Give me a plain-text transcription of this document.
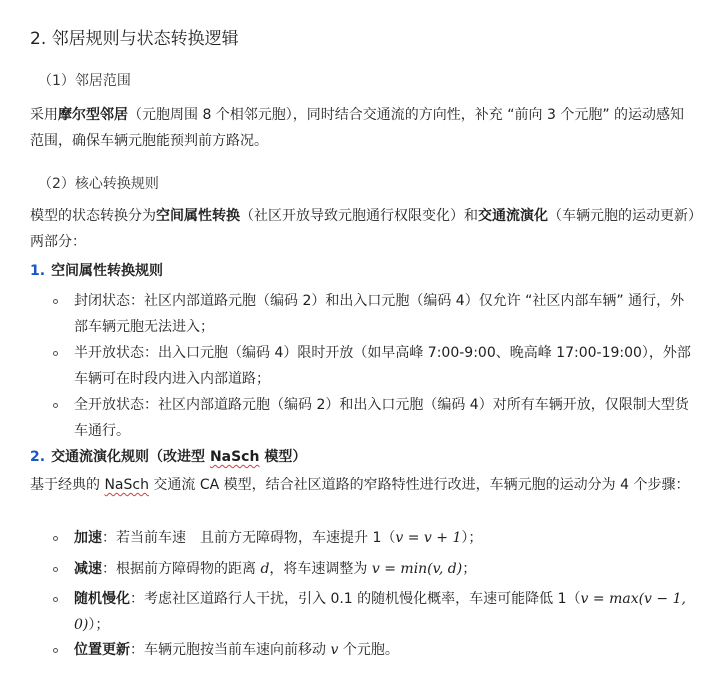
2. 邻居规则与状态转换逻辑
（1）邻居范围
采用摩尔型邻居（元胞周围 8 个相邻元胞），同时结合交通流的方向性，补充 “前向 3 个元胞” 的运动感知范围，确保车辆元胞能预判前方路况。
（2）核心转换规则
模型的状态转换分为空间属性转换（社区开放导致元胞通行权限变化）和交通流演化（车辆元胞的运动更新）两部分：
1. 空间属性转换规则
封闭状态：社区内部道路元胞（编码 2）和出入口元胞（编码 4）仅允许 “社区内部车辆” 通行，外部车辆元胞无法进入；
半开放状态：出入口元胞（编码 4）限时开放（如早高峰 7:00-9:00、晚高峰 17:00-19:00），外部车辆可在时段内进入内部道路；
全开放状态：社区内部道路元胞（编码 2）和出入口元胞（编码 4）对所有车辆开放，仅限制大型货车通行。
2. 交通流演化规则（改进型 NaSch 模型）
基于经典的 NaSch 交通流 CA 模型，结合社区道路的窄路特性进行改进，车辆元胞的运动分为 4 个步骤：
加速：若当前车速　且前方无障碍物，车速提升 1（v = v + 1）；
减速：根据前方障碍物的距离 d，将车速调整为 v = min(v, d)；
随机慢化：考虑社区道路行人干扰，引入 0.1 的随机慢化概率，车速可能降低 1（v = max(v − 1, 0)）；
位置更新：车辆元胞按当前车速向前移动 v 个元胞。
